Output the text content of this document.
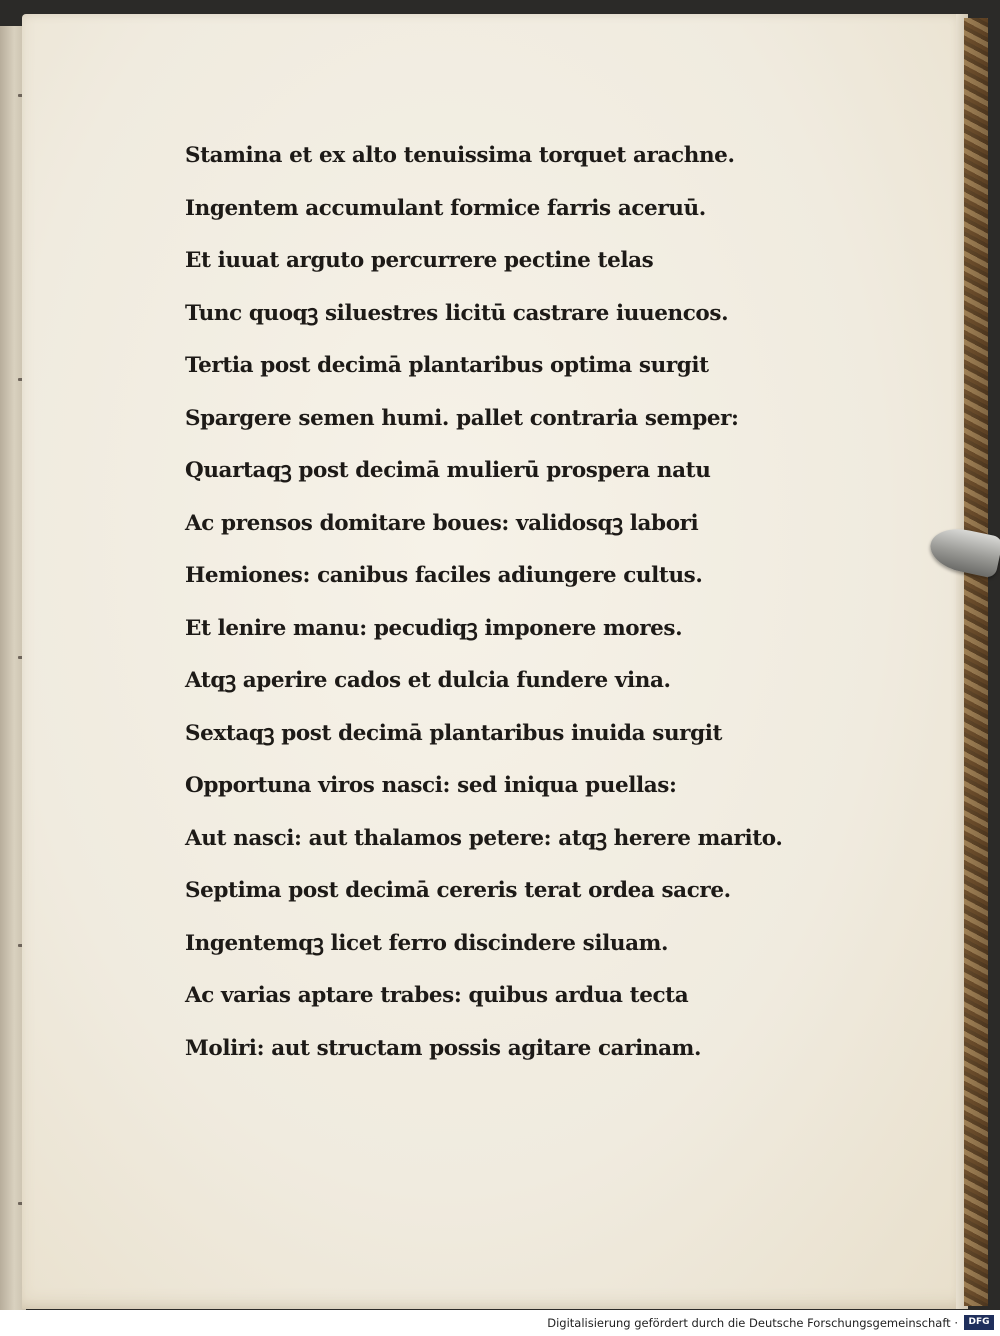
Stamina et ex alto tenuissima torquet arachne.
Ingentem accumulant formice farris aceruū.
Et iuuat arguto percurrere pectine telas
Tunc quoqꝫ siluestres licitū castrare iuuencos.
Tertia post decimā plantaribus optima surgit
Spargere semen humi. pallet contraria semper:
Quartaqꝫ post decimā mulierū prospera natu
Ac prensos domitare boues: validosqꝫ labori
Hemiones: canibus faciles adiungere cultus.
Et lenire manu: pecudiqꝫ imponere mores.
Atqꝫ aperire cados et dulcia fundere vina.
Sextaqꝫ post decimā plantaribus inuida surgit
Opportuna viros nasci: sed iniqua puellas:
Aut nasci: aut thalamos petere: atqꝫ herere marito.
Septima post decimā cereris terat ordea sacre.
Ingentemqꝫ licet ferro discindere siluam.
Ac varias aptare trabes: quibus ardua tecta
Moliri: aut structam possis agitare carinam.
Digitalisierung gefördert durch die Deutsche Forschungsgemeinschaft ·	DFG
